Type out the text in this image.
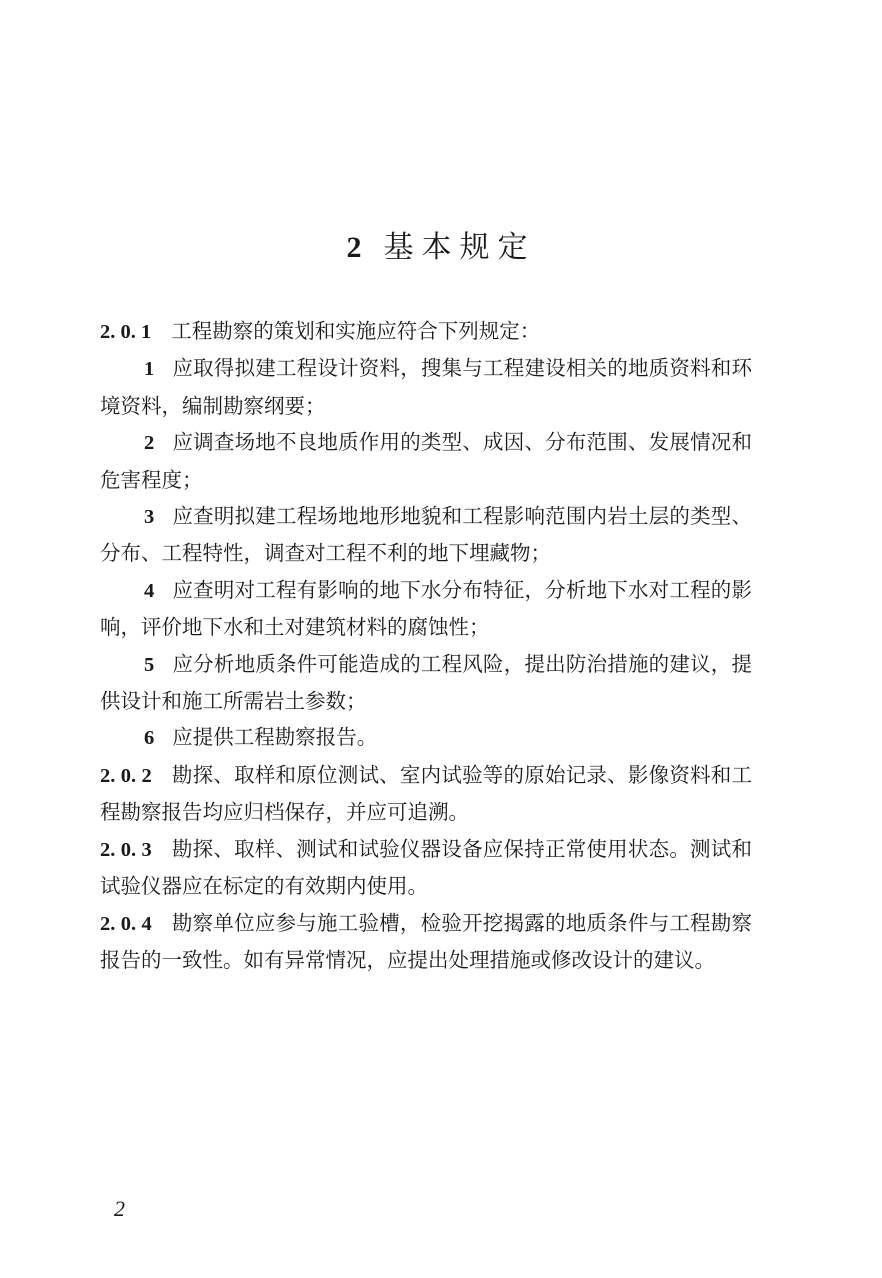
2 基本规定

2. 0. 1 工程勘察的策划和实施应符合下列规定：

1 应取得拟建工程设计资料，搜集与工程建设相关的地质资料和环境资料，编制勘察纲要；

2 应调查场地不良地质作用的类型、成因、分布范围、发展情况和危害程度；

3 应查明拟建工程场地地形地貌和工程影响范围内岩土层的类型、分布、工程特性，调查对工程不利的地下埋藏物；

4 应查明对工程有影响的地下水分布特征，分析地下水对工程的影响，评价地下水和土对建筑材料的腐蚀性；

5 应分析地质条件可能造成的工程风险，提出防治措施的建议，提供设计和施工所需岩土参数；

6 应提供工程勘察报告。

2. 0. 2 勘探、取样和原位测试、室内试验等的原始记录、影像资料和工程勘察报告均应归档保存，并应可追溯。

2. 0. 3 勘探、取样、测试和试验仪器设备应保持正常使用状态。测试和试验仪器应在标定的有效期内使用。

2. 0. 4 勘察单位应参与施工验槽，检验开挖揭露的地质条件与工程勘察报告的一致性。如有异常情况，应提出处理措施或修改设计的建议。

2
